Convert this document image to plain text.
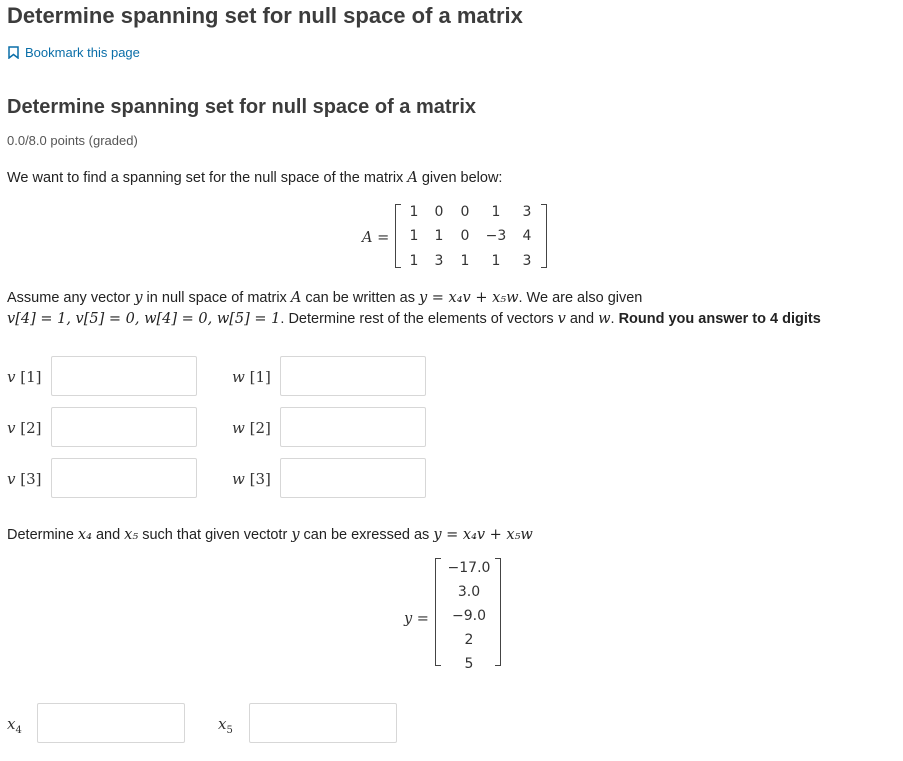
Determine spanning set for null space of a matrix
Bookmark this page
Determine spanning set for null space of a matrix
0.0/8.0 points (graded)
We want to find a spanning set for the null space of the matrix A given below:
A =
1	0	0	1	3
1	1	0	−3	4
1	3	1	1	3
Assume any vector y in null space of matrix A can be written as y = x₄v + x₅w. We are also given
v[4] = 1, v[5] = 0, w[4] = 0, w[5] = 1. Determine rest of the elements of vectors v and w. Round you answer to 4 digits
v [1]	w [1]
v [2]	w [2]
v [3]	w [3]
Determine x₄ and x₅ such that given vectotr y can be exressed as y = x₄v + x₅w
y =
−17.0
3.0
−9.0
2
5
$x_4$	$x_5$
